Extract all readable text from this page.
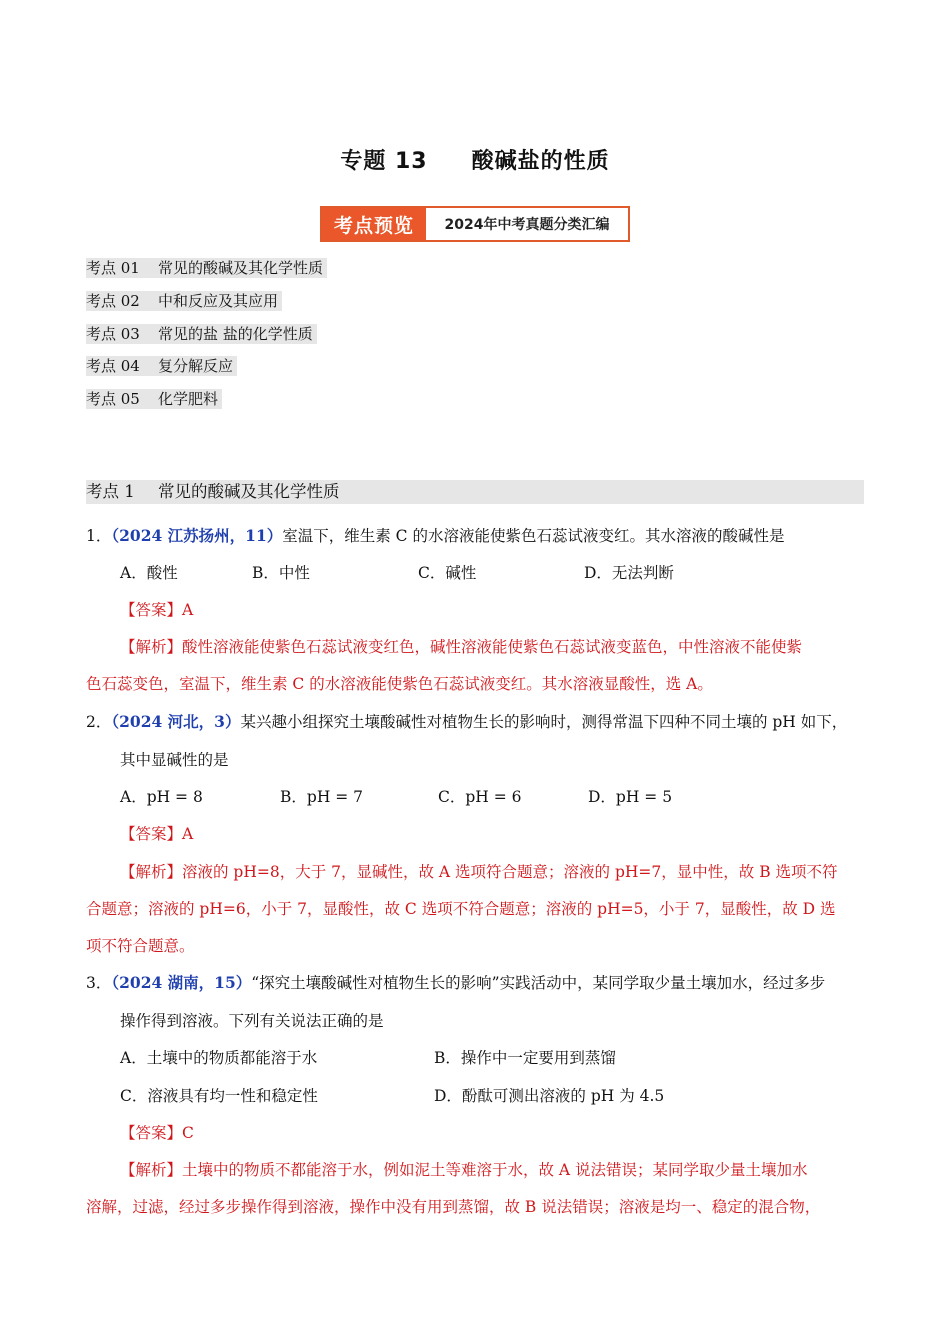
专题 13 酸碱盐的性质
考点预览	2024年中考真题分类汇编
考点 01 常见的酸碱及其化学性质
考点 02 中和反应及其应用
考点 03 常见的盐 盐的化学性质
考点 04 复分解反应
考点 05 化学肥料
考点 1 常见的酸碱及其化学性质
1．（2024 江苏扬州，11）室温下，维生素 C 的水溶液能使紫色石蕊试液变红。其水溶液的酸碱性是
A．酸性	B．中性	C．碱性	D．无法判断
【答案】A
【解析】酸性溶液能使紫色石蕊试液变红色，碱性溶液能使紫色石蕊试液变蓝色，中性溶液不能使紫
色石蕊变色，室温下，维生素 C 的水溶液能使紫色石蕊试液变红。其水溶液显酸性，选 A。
2．（2024 河北，3）某兴趣小组探究土壤酸碱性对植物生长的影响时，测得常温下四种不同土壤的 pH 如下，
其中显碱性的是
A．pH = 8	B．pH = 7	C．pH = 6	D．pH = 5
【答案】A
【解析】溶液的 pH=8，大于 7，显碱性，故 A 选项符合题意；溶液的 pH=7，显中性，故 B 选项不符
合题意；溶液的 pH=6，小于 7，显酸性，故 C 选项不符合题意；溶液的 pH=5，小于 7，显酸性，故 D 选
项不符合题意。
3．（2024 湖南，15）“探究土壤酸碱性对植物生长的影响”实践活动中，某同学取少量土壤加水，经过多步
操作得到溶液。下列有关说法正确的是
A．土壤中的物质都能溶于水	B．操作中一定要用到蒸馏
C．溶液具有均一性和稳定性	D．酚酞可测出溶液的 pH 为 4.5
【答案】C
【解析】土壤中的物质不都能溶于水，例如泥土等难溶于水，故 A 说法错误；某同学取少量土壤加水
溶解，过滤，经过多步操作得到溶液，操作中没有用到蒸馏，故 B 说法错误；溶液是均一、稳定的混合物，
